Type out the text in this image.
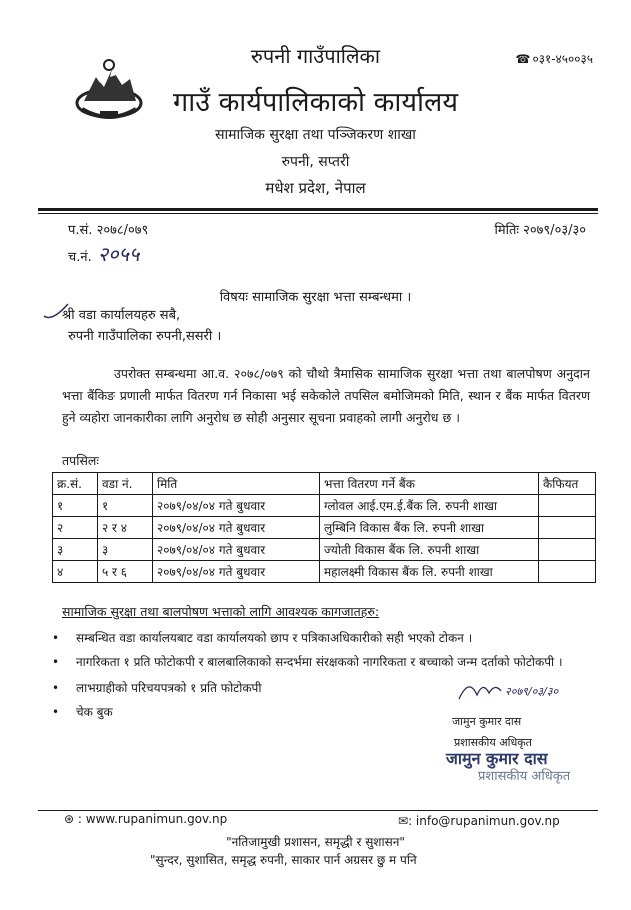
रुपनी गाउँपालिका
गाउँ कार्यपालिकाको कार्यालय
सामाजिक सुरक्षा तथा पञ्जिकरण शाखा
रुपनी, सप्तरी
मधेश प्रदेश, नेपाल
☎ ०३१-४५००३५
प.सं. २०७८/०७९
च.नं. २०५५
मितिः २०७९/०३/३०
विषयः सामाजिक सुरक्षा भत्ता सम्बन्धमा ।
श्री वडा कार्यालयहरु सबै,
रुपनी गाउँपालिका रुपनी,ससरी ।
उपरोक्त सम्बन्धमा आ.व. २०७८/०७९ को चौथो त्रैमासिक सामाजिक सुरक्षा भत्ता तथा बालपोषण अनुदान भत्ता बैंकिङ प्रणाली मार्फत वितरण गर्न निकासा भई सकेकोले तपसिल बमोजिमको मिति, स्थान र बैंक मार्फत वितरण हुने व्यहोरा जानकारीका लागि अनुरोध छ सोही अनुसार सूचना प्रवाहको लागी अनुरोध छ ।
तपसिलः
क्र.सं.	वडा नं.	मिति	भत्ता वितरण गर्ने बैंक	कैफियत
१	१	२०७९/०४/०४ गते बुधवार	ग्लोवल आई.एम.ई.बैंक लि. रुपनी शाखा	
२	२ र ४	२०७९/०४/०४ गते बुधवार	लुम्बिनि विकास बैंक लि. रुपनी शाखा	
३	३	२०७९/०४/०४ गते बुधवार	ज्योती विकास बैंक लि. रुपनी शाखा	
४	५ र ६	२०७९/०४/०४ गते बुधवार	महालक्ष्मी विकास बैंक लि. रुपनी शाखा	
सामाजिक सुरक्षा तथा बालपोषण भत्ताको लागि आवश्यक कागजातहरु:
• सम्बन्धित वडा कार्यालयबाट वडा कार्यालयको छाप र पत्रिकाअधिकारीको सही भएको टोकन ।
• नागरिकता १ प्रति फोटोकपी र बालबालिकाको सन्दर्भमा संरक्षकको नागरिकता र बच्चाको जन्म दर्ताको फोटोकपी ।
• लाभग्राहीको परिचयपत्रको १ प्रति फोटोकपी
• चेक बुक
२०७९/०३/३०
जामुन कुमार दास
प्रशासकीय अधिकृत
जामुन कुमार दास
प्रशासकीय अधिकृत
⊛ : www.rupanimun.gov.np	✉: info@rupanimun.gov.np
"नतिजामुखी प्रशासन, समृद्धी र सुशासन"
"सुन्दर, सुशासित, समृद्ध रुपनी, साकार पार्न अग्रसर छु म पनि
